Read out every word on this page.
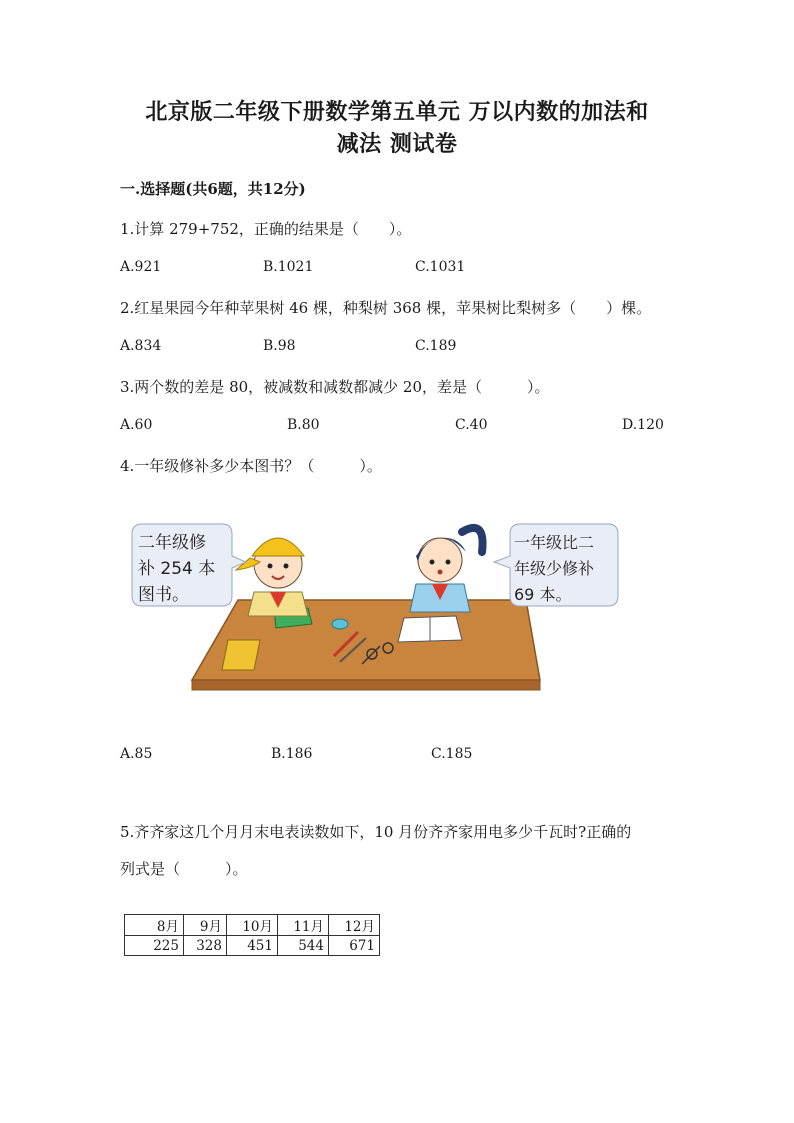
北京版二年级下册数学第五单元 万以内数的加法和
减法 测试卷
一.选择题(共6题，共12分)
1.计算 279+752，正确的结果是（　　）。
A.921	B.1021	C.1031
2.红星果园今年种苹果树 46 棵，种梨树 368 棵，苹果树比梨树多（　　）棵。
A.834	B.98	C.189
3.两个数的差是 80，被减数和减数都减少 20，差是（　　　）。
A.60	B.80	C.40	D.120
4.一年级修补多少本图书？（　　　）。
二年级修
补 254 本
图书。
一年级比二
年级少修补
69 本。
A.85	B.186	C.185
5.齐齐家这几个月月末电表读数如下，10 月份齐齐家用电多少千瓦时?正确的
列式是（　　　）。
8月	9月	10月	11月	12月
225	328	451	544	671
